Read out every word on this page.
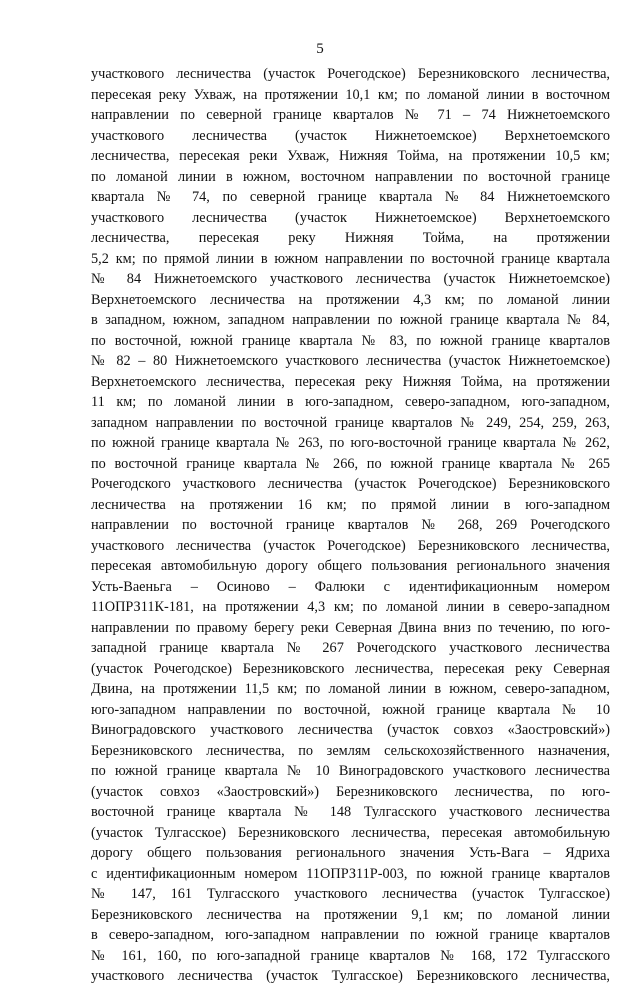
5
участкового лесничества (участок Рочегодское) Березниковского лесничества,
пересекая реку Ухваж, на протяжении 10,1 км; по ломаной линии в восточном
направлении по северной границе кварталов № 71 – 74 Нижнетоемского
участкового лесничества (участок Нижнетоемское) Верхнетоемского
лесничества, пересекая реки Ухваж, Нижняя Тойма, на протяжении 10,5 км;
по ломаной линии в южном, восточном направлении по восточной границе
квартала № 74, по северной границе квартала № 84 Нижнетоемского
участкового лесничества (участок Нижнетоемское) Верхнетоемского
лесничества, пересекая реку Нижняя Тойма, на протяжении
5,2 км; по прямой линии в южном направлении по восточной границе квартала
№ 84 Нижнетоемского участкового лесничества (участок Нижнетоемское)
Верхнетоемского лесничества на протяжении 4,3 км; по ломаной линии
в западном, южном, западном направлении по южной границе квартала № 84,
по восточной, южной границе квартала № 83, по южной границе кварталов
№ 82 – 80 Нижнетоемского участкового лесничества (участок Нижнетоемское)
Верхнетоемского лесничества, пересекая реку Нижняя Тойма, на протяжении
11 км; по ломаной линии в юго-западном, северо-западном, юго-западном,
западном направлении по восточной границе кварталов № 249, 254, 259, 263,
по южной границе квартала № 263, по юго-восточной границе квартала № 262,
по восточной границе квартала № 266, по южной границе квартала № 265
Рочегодского участкового лесничества (участок Рочегодское) Березниковского
лесничества на протяжении 16 км; по прямой линии в юго-западном
направлении по восточной границе кварталов № 268, 269 Рочегодского
участкового лесничества (участок Рочегодское) Березниковского лесничества,
пересекая автомобильную дорогу общего пользования регионального значения
Усть-Ваеньга – Осиново – Фалюки с идентификационным номером
11ОПРЗ11К-181, на протяжении 4,3 км; по ломаной линии в северо-западном
направлении по правому берегу реки Северная Двина вниз по течению, по юго-
западной границе квартала № 267 Рочегодского участкового лесничества
(участок Рочегодское) Березниковского лесничества, пересекая реку Северная
Двина, на протяжении 11,5 км; по ломаной линии в южном, северо-западном,
юго-западном направлении по восточной, южной границе квартала № 10
Виноградовского участкового лесничества (участок совхоз «Заостровский»)
Березниковского лесничества, по землям сельскохозяйственного назначения,
по южной границе квартала № 10 Виноградовского участкового лесничества
(участок совхоз «Заостровский») Березниковского лесничества, по юго-
восточной границе квартала № 148 Тулгасского участкового лесничества
(участок Тулгасское) Березниковского лесничества, пересекая автомобильную
дорогу общего пользования регионального значения Усть-Вага – Ядриха
с идентификационным номером 11ОПРЗ11Р-003, по южной границе кварталов
№ 147, 161 Тулгасского участкового лесничества (участок Тулгасское)
Березниковского лесничества на протяжении 9,1 км; по ломаной линии
в северо-западном, юго-западном направлении по южной границе кварталов
№ 161, 160, по юго-западной границе кварталов № 168, 172 Тулгасского
участкового лесничества (участок Тулгасское) Березниковского лесничества,
